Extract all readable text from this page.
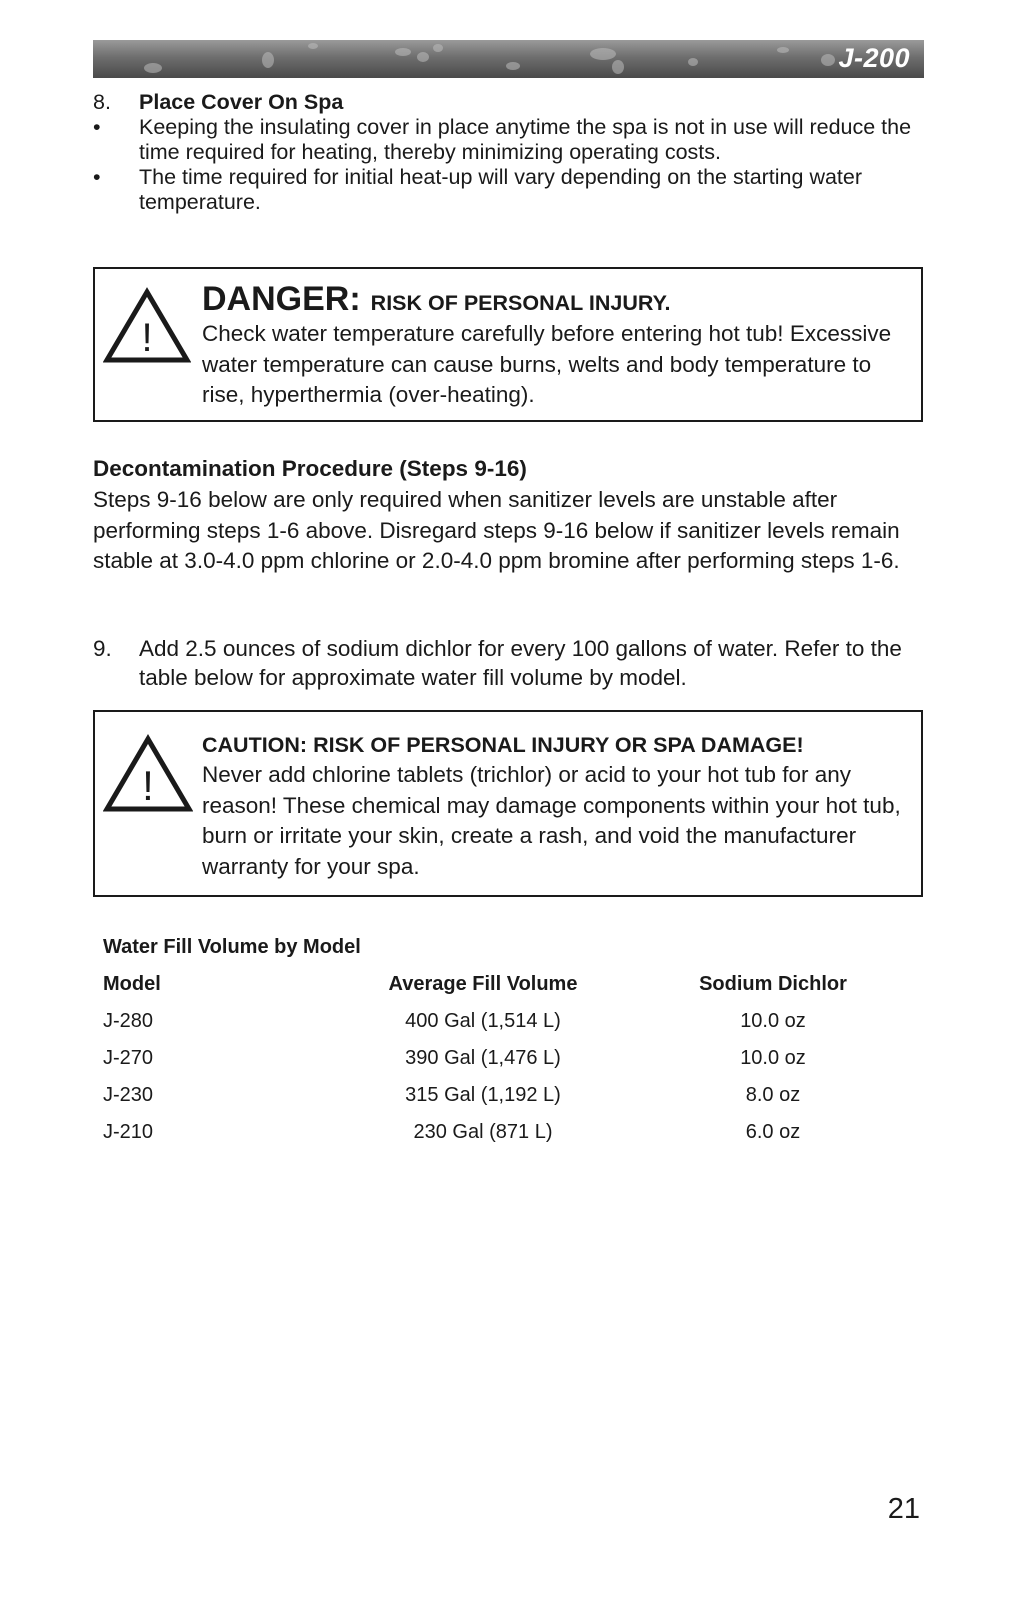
J-200
8. Place Cover On Spa
• Keeping the insulating cover in place anytime the spa is not in use will reduce the time required for heating, thereby minimizing operating costs.
• The time required for initial heat-up will vary depending on the starting water temperature.
!
DANGER: RISK OF PERSONAL INJURY.
Check water temperature carefully before entering hot tub! Excessive water temperature can cause burns, welts and body temperature to rise, hyperthermia (over-heating).
Decontamination Procedure (Steps 9-16)
Steps 9-16 below are only required when sanitizer levels are unstable after performing steps 1-6 above. Disregard steps 9-16 below if sanitizer levels remain stable at 3.0-4.0 ppm chlorine or 2.0-4.0 ppm bromine after performing steps 1-6.
9. Add 2.5 ounces of sodium dichlor for every 100 gallons of water. Refer to the table below for approximate water fill volume by model.
!
CAUTION: RISK OF PERSONAL INJURY OR SPA DAMAGE!
Never add chlorine tablets (trichlor) or acid to your hot tub for any reason! These chemical may damage components within your hot tub, burn or irritate your skin, create a rash, and void the manufacturer warranty for your spa.
Water Fill Volume by Model
Model	Average Fill Volume	Sodium Dichlor
J-280	400 Gal (1,514 L)	10.0 oz
J-270	390 Gal (1,476 L)	10.0 oz
J-230	315 Gal (1,192 L)	8.0 oz
J-210	230 Gal (871 L)	6.0 oz
21
